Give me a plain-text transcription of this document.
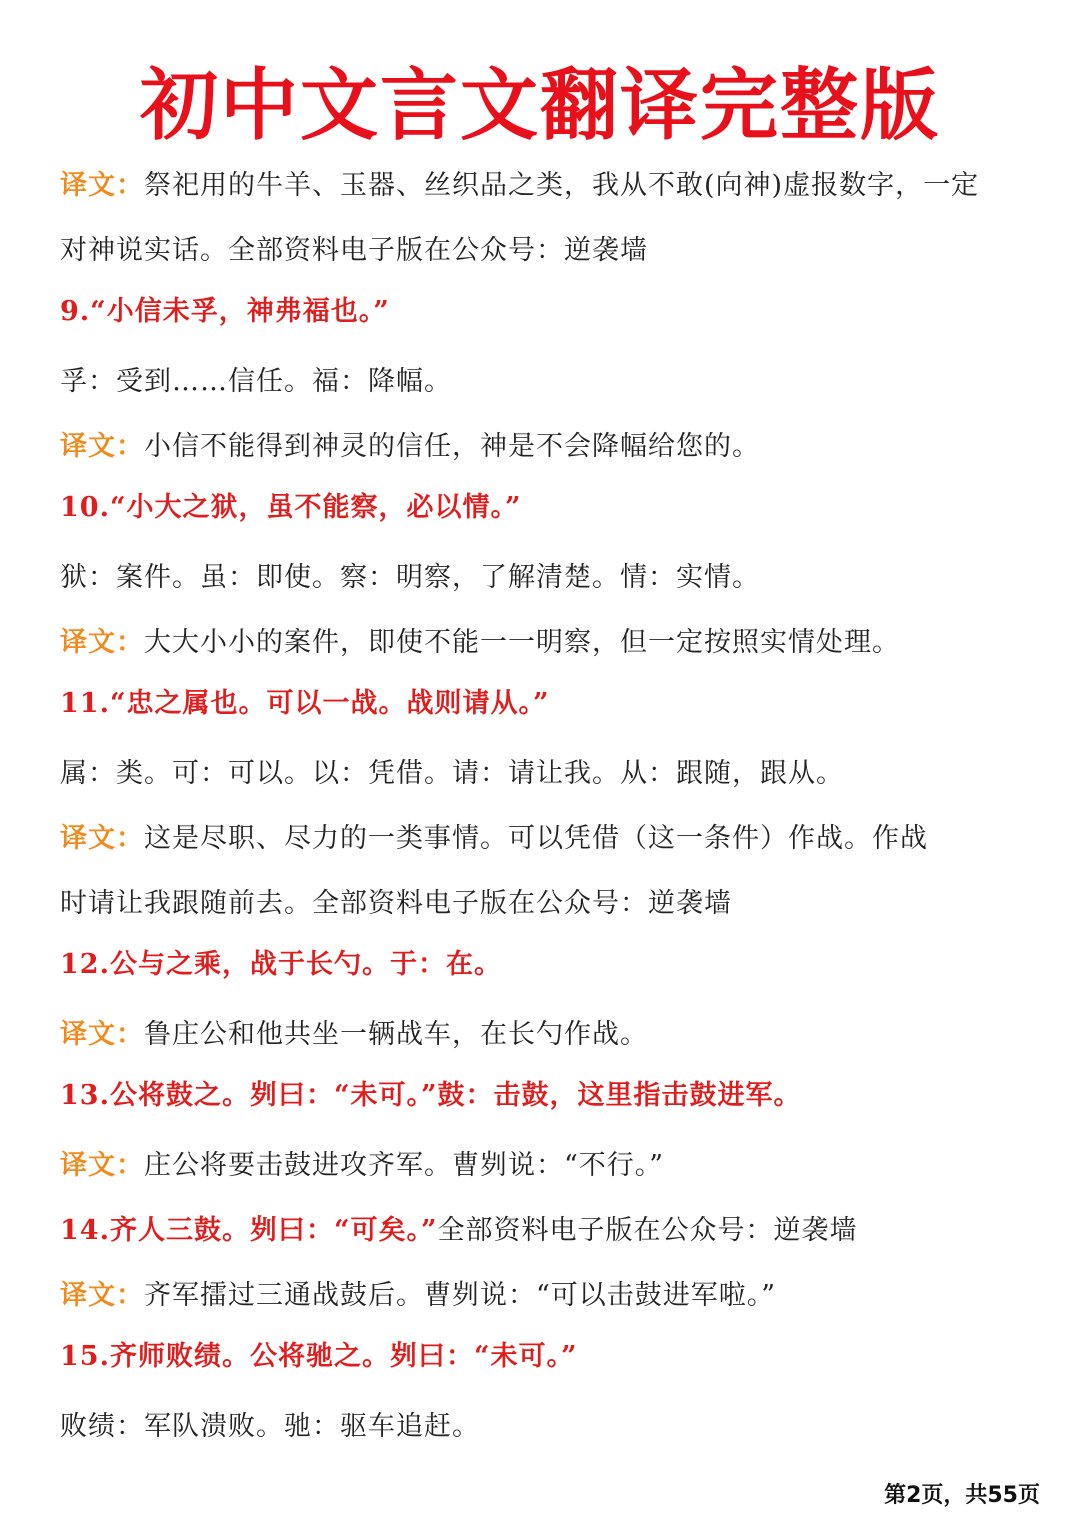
初中文言文翻译完整版
译文：祭祀用的牛羊、玉器、丝织品之类，我从不敢(向神)虚报数字，一定
对神说实话。全部资料电子版在公众号：逆袭墙
9.“小信未孚，神弗福也。”
孚：受到……信任。福：降幅。
译文：小信不能得到神灵的信任，神是不会降幅给您的。
10.“小大之狱，虽不能察，必以情。”
狱：案件。虽：即使。察：明察，了解清楚。情：实情。
译文：大大小小的案件，即使不能一一明察，但一定按照实情处理。
11.“忠之属也。可以一战。战则请从。”
属：类。可：可以。以：凭借。请：请让我。从：跟随，跟从。
译文：这是尽职、尽力的一类事情。可以凭借（这一条件）作战。作战
时请让我跟随前去。全部资料电子版在公众号：逆袭墙
12.公与之乘，战于长勺。于：在。
译文：鲁庄公和他共坐一辆战车，在长勺作战。
13.公将鼓之。刿曰：“未可。”鼓：击鼓，这里指击鼓进军。
译文：庄公将要击鼓进攻齐军。曹刿说：“不行。”
14.齐人三鼓。刿曰：“可矣。”全部资料电子版在公众号：逆袭墙
译文：齐军擂过三通战鼓后。曹刿说：“可以击鼓进军啦。”
15.齐师败绩。公将驰之。刿曰：“未可。”
败绩：军队溃败。驰：驱车追赶。
第2页，共55页
